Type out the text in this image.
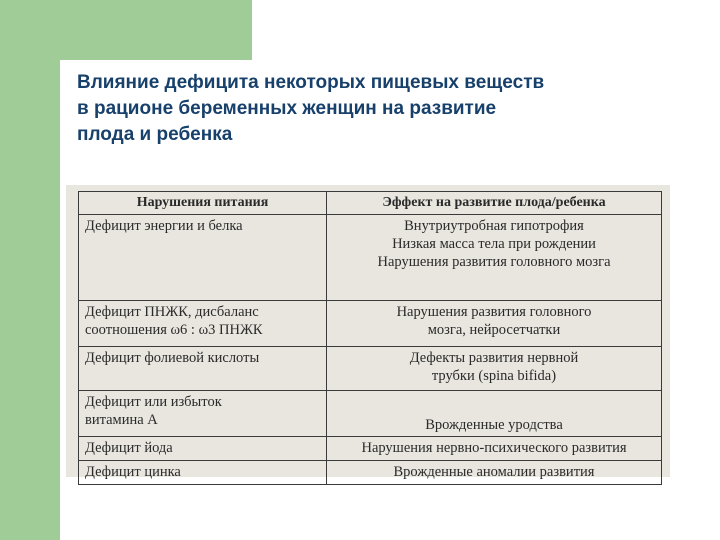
Влияние дефицита некоторых пищевых веществ
в рационе беременных женщин на развитие
плода и ребенка
Нарушения питания	Эффект на развитие плода/ребенка

Дефицит энергии и белка	Внутриутробная гипотрофия
Низкая масса тела при рождении
Нарушения развития головного мозга

Дефицит ПНЖК, дисбаланс
соотношения ω6 : ω3 ПНЖК	Нарушения развития головного
мозга, нейросетчатки

Дефицит фолиевой кислоты	Дефекты развития нервной
трубки (spina bifida)

Дефицит или избыток
витамина А	Врожденные уродства

Дефицит йода	Нарушения нервно-психического развития

Дефицит цинка	Врожденные аномалии развития
